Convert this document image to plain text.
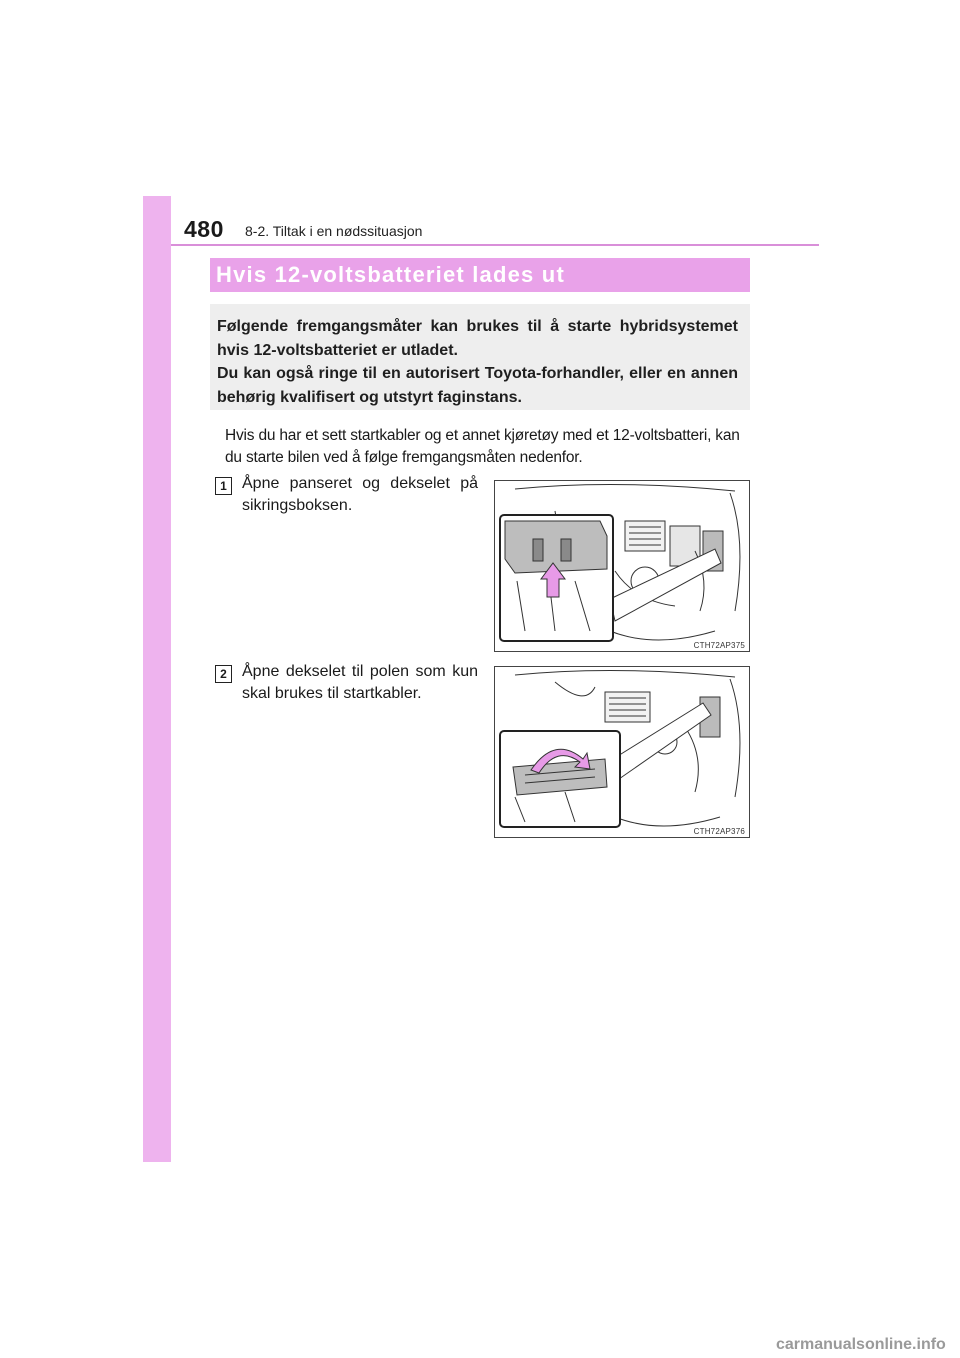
480 8-2. Tiltak i en nødssituasjon
Hvis 12-voltsbatteriet lades ut

Følgende fremgangsmåter kan brukes til å starte hybridsystemet hvis 12-voltsbatteriet er utladet.

Du kan også ringe til en autorisert Toyota-forhandler, eller en annen behørig kvalifisert og utstyrt faginstans.

Hvis du har et sett startkabler og et annet kjøretøy med et 12-voltsbatteri, kan du starte bilen ved å følge fremgangsmåten nedenfor.

1 Åpne panseret og dekselet på sikringsboksen.

CTH72AP375
2 Åpne dekselet til polen som kun skal brukes til startkabler.

CTH72AP376
carmanualsonline.info
